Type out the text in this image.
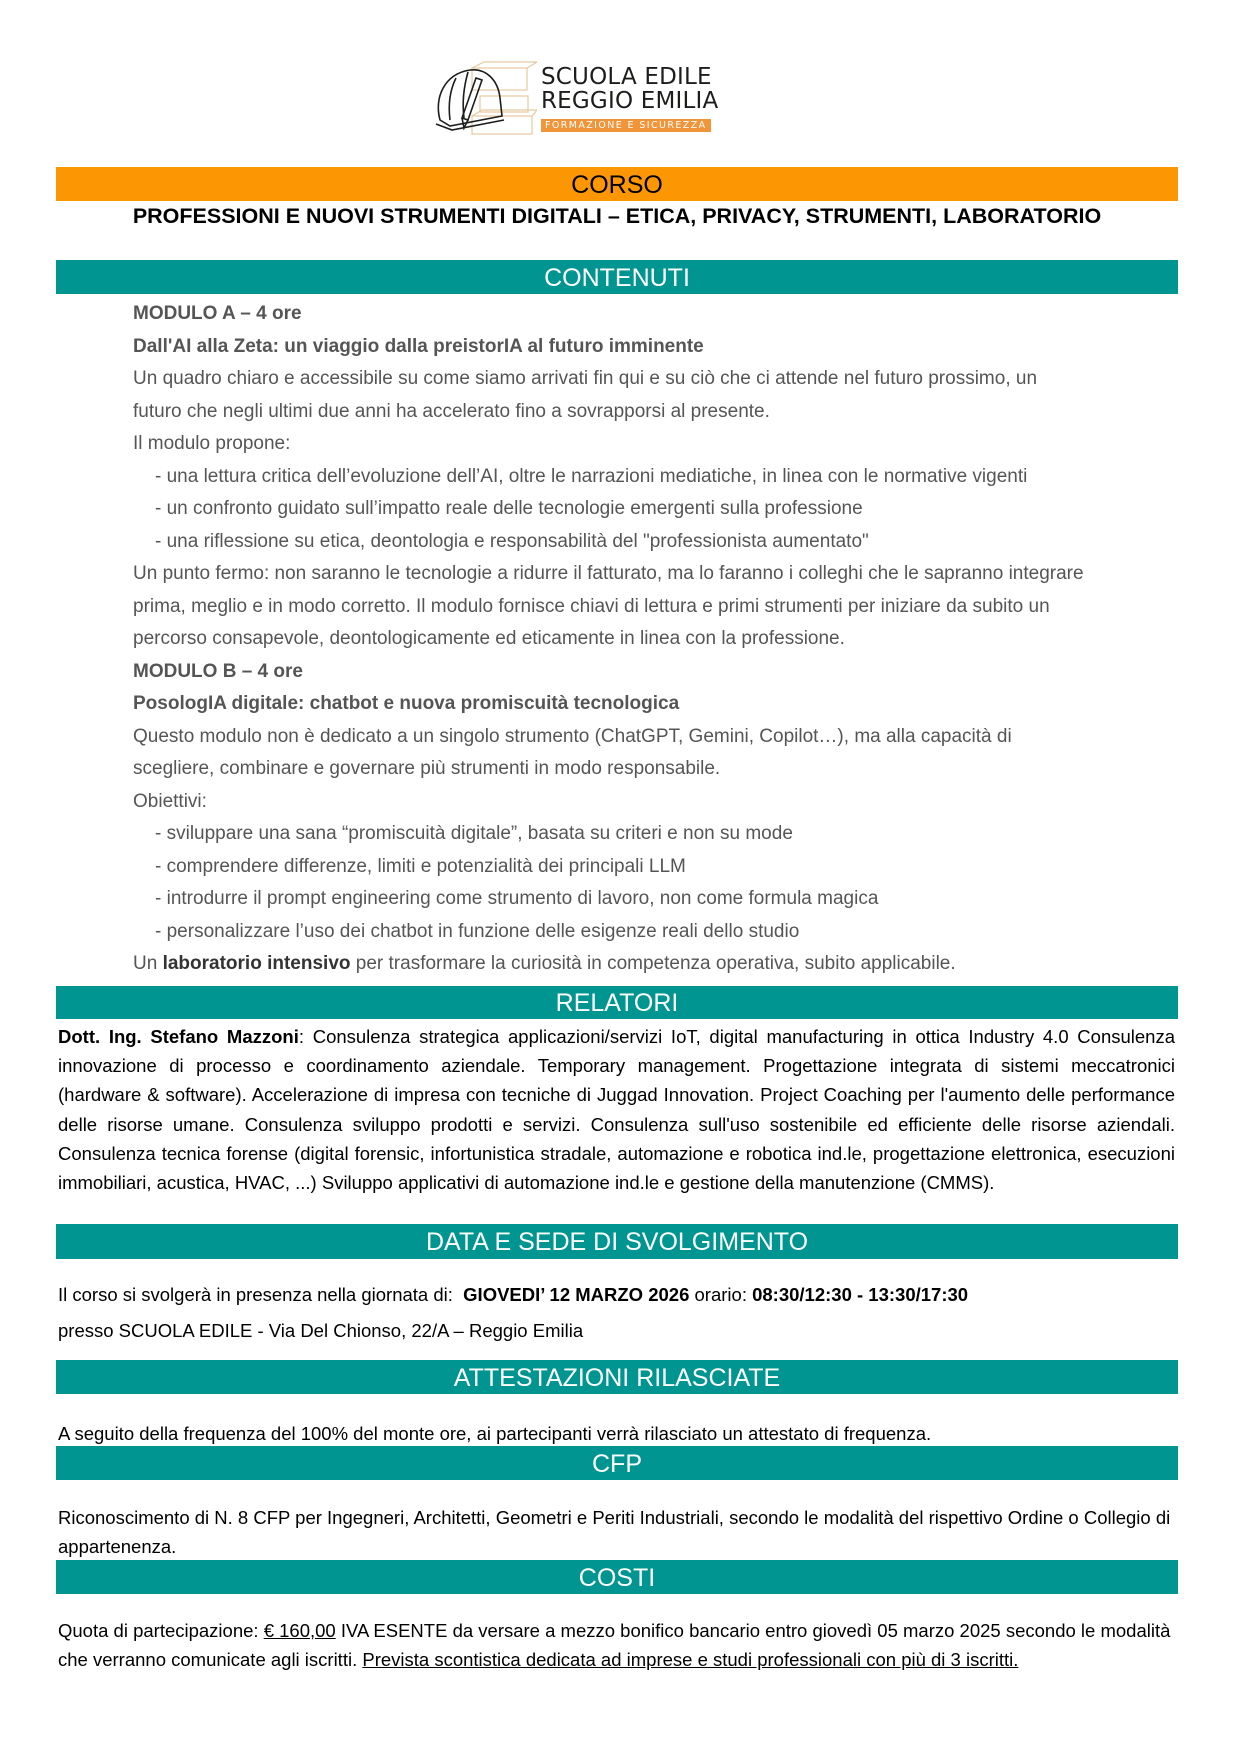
SCUOLA EDILE
REGGIO EMILIA
FORMAZIONE E SICUREZZA
CORSO
PROFESSIONI E NUOVI STRUMENTI DIGITALI – ETICA, PRIVACY, STRUMENTI, LABORATORIO
CONTENUTI
MODULO A – 4 ore
Dall'AI alla Zeta: un viaggio dalla preistorIA al futuro imminente
Un quadro chiaro e accessibile su come siamo arrivati fin qui e su ciò che ci attende nel futuro prossimo, un
futuro che negli ultimi due anni ha accelerato fino a sovrapporsi al presente.
Il modulo propone:
- una lettura critica dell’evoluzione dell’AI, oltre le narrazioni mediatiche, in linea con le normative vigenti
- un confronto guidato sull’impatto reale delle tecnologie emergenti sulla professione
- una riflessione su etica, deontologia e responsabilità del "professionista aumentato"
Un punto fermo: non saranno le tecnologie a ridurre il fatturato, ma lo faranno i colleghi che le sapranno integrare
prima, meglio e in modo corretto. Il modulo fornisce chiavi di lettura e primi strumenti per iniziare da subito un
percorso consapevole, deontologicamente ed eticamente in linea con la professione.
MODULO B – 4 ore
PosologIA digitale: chatbot e nuova promiscuità tecnologica
Questo modulo non è dedicato a un singolo strumento (ChatGPT, Gemini, Copilot…), ma alla capacità di
scegliere, combinare e governare più strumenti in modo responsabile.
Obiettivi:
- sviluppare una sana “promiscuità digitale”, basata su criteri e non su mode
- comprendere differenze, limiti e potenzialità dei principali LLM
- introdurre il prompt engineering come strumento di lavoro, non come formula magica
- personalizzare l’uso dei chatbot in funzione delle esigenze reali dello studio
Un laboratorio intensivo per trasformare la curiosità in competenza operativa, subito applicabile.
RELATORI
Dott. Ing. Stefano Mazzoni: Consulenza strategica applicazioni/servizi IoT, digital manufacturing in ottica Industry 4.0 Consulenza innovazione di processo e coordinamento aziendale. Temporary management. Progettazione integrata di sistemi meccatronici (hardware & software). Accelerazione di impresa con tecniche di Juggad Innovation. Project Coaching per l'aumento delle performance delle risorse umane. Consulenza sviluppo prodotti e servizi. Consulenza sull'uso sostenibile ed efficiente delle risorse aziendali. Consulenza tecnica forense (digital forensic, infortunistica stradale, automazione e robotica ind.le, progettazione elettronica, esecuzioni immobiliari, acustica, HVAC, ...) Sviluppo applicativi di automazione ind.le e gestione della manutenzione (CMMS).
DATA E SEDE DI SVOLGIMENTO
Il corso si svolgerà in presenza nella giornata di:  GIOVEDI’ 12 MARZO 2026 orario: 08:30/12:30 - 13:30/17:30
presso SCUOLA EDILE - Via Del Chionso, 22/A – Reggio Emilia
ATTESTAZIONI RILASCIATE
A seguito della frequenza del 100% del monte ore, ai partecipanti verrà rilasciato un attestato di frequenza.
CFP
Riconoscimento di N. 8 CFP per Ingegneri, Architetti, Geometri e Periti Industriali, secondo le modalità del rispettivo Ordine o Collegio di appartenenza.
COSTI
Quota di partecipazione: € 160,00 IVA ESENTE da versare a mezzo bonifico bancario entro giovedì 05 marzo 2025 secondo le modalità che verranno comunicate agli iscritti. Prevista scontistica dedicata ad imprese e studi professionali con più di 3 iscritti.
